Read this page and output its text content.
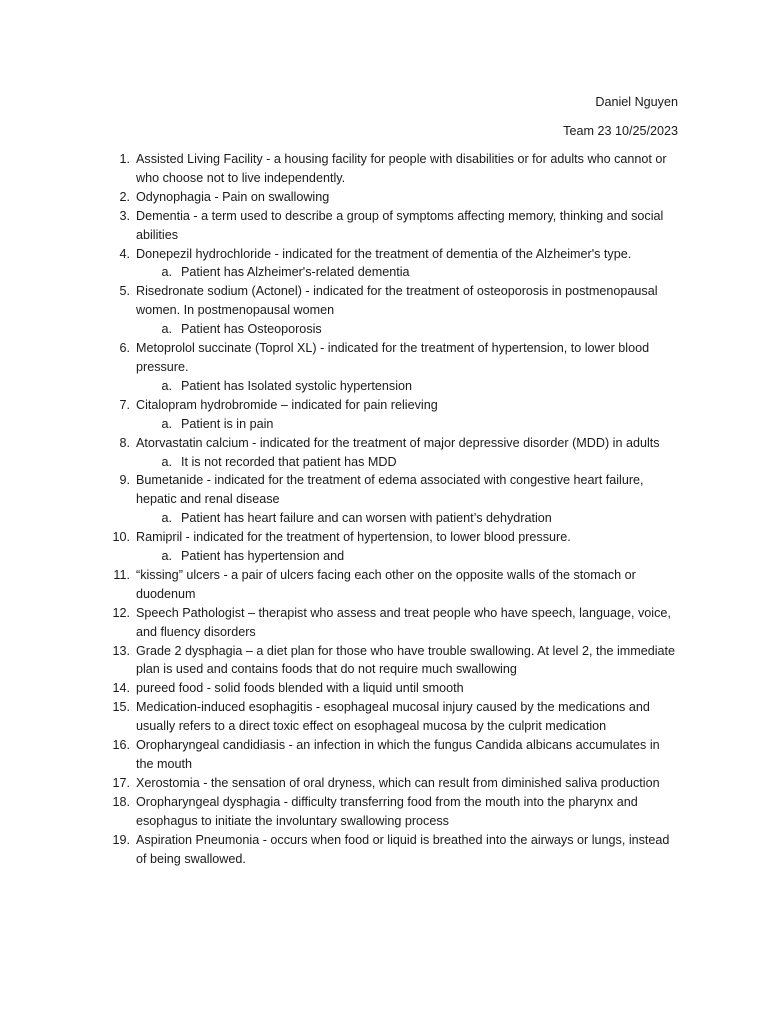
Daniel Nguyen
Team 23 10/25/2023
1. Assisted Living Facility - a housing facility for people with disabilities or for adults who cannot or who choose not to live independently.
2. Odynophagia - Pain on swallowing
3. Dementia - a term used to describe a group of symptoms affecting memory, thinking and social abilities
4. Donepezil hydrochloride - indicated for the treatment of dementia of the Alzheimer's type.
a. Patient has Alzheimer's-related dementia
5. Risedronate sodium (Actonel) - indicated for the treatment of osteoporosis in postmenopausal women. In postmenopausal women
a. Patient has Osteoporosis
6. Metoprolol succinate (Toprol XL) - indicated for the treatment of hypertension, to lower blood pressure.
a. Patient has Isolated systolic hypertension
7. Citalopram hydrobromide – indicated for pain relieving
a. Patient is in pain
8. Atorvastatin calcium - indicated for the treatment of major depressive disorder (MDD) in adults
a. It is not recorded that patient has MDD
9. Bumetanide - indicated for the treatment of edema associated with congestive heart failure, hepatic and renal disease
a. Patient has heart failure and can worsen with patient’s dehydration
10. Ramipril - indicated for the treatment of hypertension, to lower blood pressure.
a. Patient has hypertension and
11. “kissing” ulcers - a pair of ulcers facing each other on the opposite walls of the stomach or duodenum
12. Speech Pathologist – therapist who assess and treat people who have speech, language, voice, and fluency disorders
13. Grade 2 dysphagia – a diet plan for those who have trouble swallowing. At level 2, the immediate plan is used and contains foods that do not require much swallowing
14. pureed food - solid foods blended with a liquid until smooth
15. Medication-induced esophagitis - esophageal mucosal injury caused by the medications and usually refers to a direct toxic effect on esophageal mucosa by the culprit medication
16. Oropharyngeal candidiasis - an infection in which the fungus Candida albicans accumulates in the mouth
17. Xerostomia - the sensation of oral dryness, which can result from diminished saliva production
18. Oropharyngeal dysphagia - difficulty transferring food from the mouth into the pharynx and esophagus to initiate the involuntary swallowing process
19. Aspiration Pneumonia - occurs when food or liquid is breathed into the airways or lungs, instead of being swallowed.
